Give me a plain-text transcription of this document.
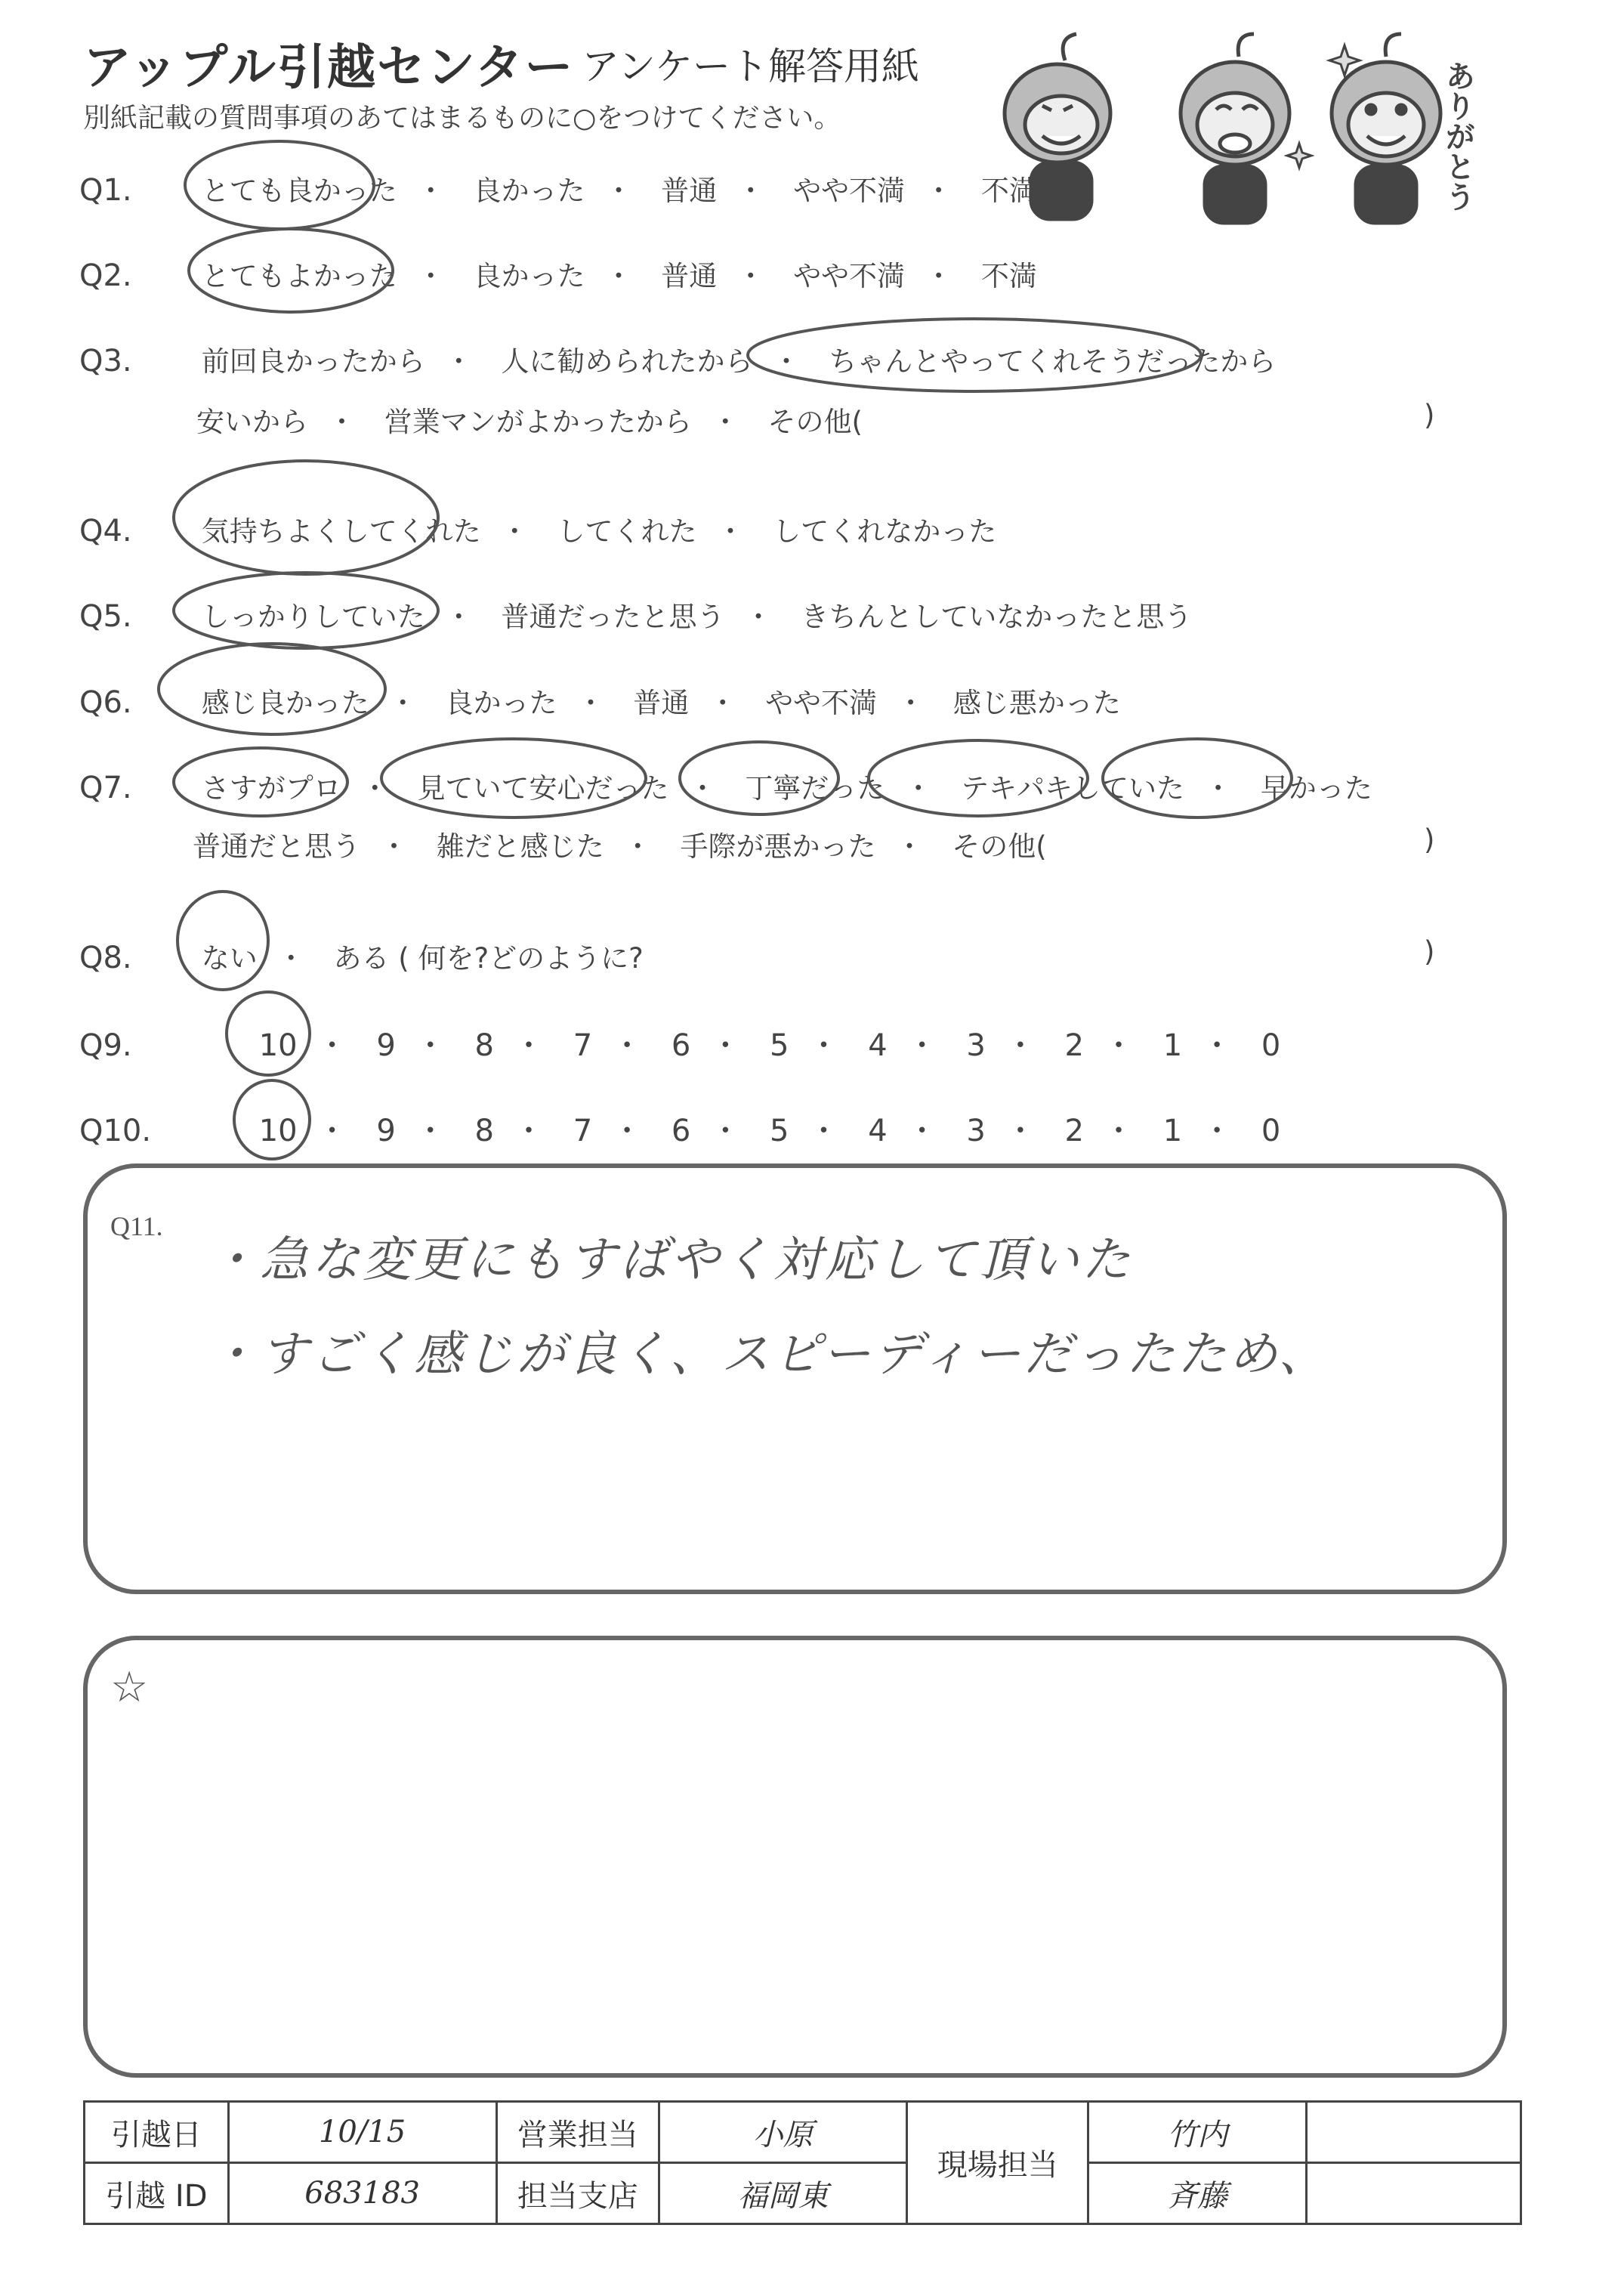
アップル引越センター アンケート解答用紙
別紙記載の質問事項のあてはまるものに○をつけてください。	ありがとう
Q1. とても良かった ・ 良かった ・ 普通 ・ やや不満 ・ 不満
Q2. とてもよかった ・ 良かった ・ 普通 ・ やや不満 ・ 不満
Q3. 前回良かったから ・ 人に勧められたから ・ ちゃんとやってくれそうだったから
安いから ・ 営業マンがよかったから ・ その他(	)
Q4. 気持ちよくしてくれた ・ してくれた ・ してくれなかった
Q5. しっかりしていた ・ 普通だったと思う ・ きちんとしていなかったと思う
Q6. 感じ良かった ・ 良かった ・ 普通 ・ やや不満 ・ 感じ悪かった
Q7. さすがプロ ・ 見ていて安心だった ・ 丁寧だった ・ テキパキしていた ・ 早かった
普通だと思う ・ 雑だと感じた ・ 手際が悪かった ・ その他(	)
Q8. ない ・ ある ( 何を?どのように?	)
Q9.	10 ・ 9 ・ 8 ・ 7 ・ 6 ・ 5 ・ 4 ・ 3 ・ 2 ・ 1 ・ 0
Q10.	10 ・ 9 ・ 8 ・ 7 ・ 6 ・ 5 ・ 4 ・ 3 ・ 2 ・ 1 ・ 0
Q11.
・急な変更にもすばやく対応して頂いた
・すごく感じが良く、スピーディーだったため、
☆
引越日	10/15	営業担当	小原	現場担当	竹内	
引越 ID	683183	担当支店	福岡東		斉藤	
